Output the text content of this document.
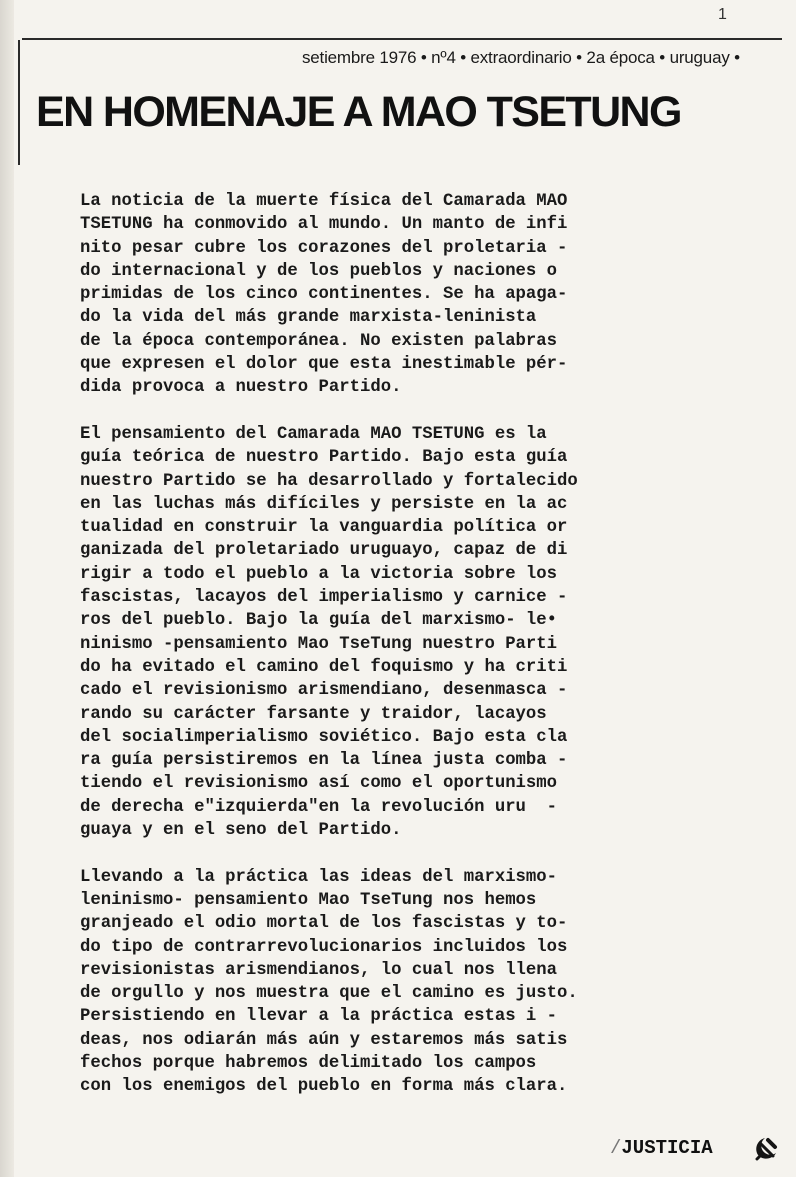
1
setiembre 1976 • nº4 • extraordinario • 2a época • uruguay •
EN HOMENAJE A MAO TSETUNG

La noticia de la muerte física del Camarada MAO
TSETUNG ha conmovido al mundo. Un manto de infi
nito pesar cubre los corazones del proletaria -
do internacional y de los pueblos y naciones o
primidas de los cinco continentes. Se ha apaga-
do la vida del más grande marxista-leninista
de la época contemporánea. No existen palabras
que expresen el dolor que esta inestimable pér-
dida provoca a nuestro Partido.

El pensamiento del Camarada MAO TSETUNG es la
guía teórica de nuestro Partido. Bajo esta guía
nuestro Partido se ha desarrollado y fortalecido
en las luchas más difíciles y persiste en la ac
tualidad en construir la vanguardia política or
ganizada del proletariado uruguayo, capaz de di
rigir a todo el pueblo a la victoria sobre los
fascistas, lacayos del imperialismo y carnice -
ros del pueblo. Bajo la guía del marxismo- le•
ninismo -pensamiento Mao TseTung nuestro Parti
do ha evitado el camino del foquismo y ha criti
cado el revisionismo arismendiano, desenmasca -
rando su carácter farsante y traidor, lacayos
del socialimperialismo soviético. Bajo esta cla
ra guía persistiremos en la línea justa comba -
tiendo el revisionismo así como el oportunismo
de derecha e"izquierda"en la revolución uru  -
guaya y en el seno del Partido.

Llevando a la práctica las ideas del marxismo-
leninismo- pensamiento Mao TseTung nos hemos
granjeado el odio mortal de los fascistas y to-
do tipo de contrarrevolucionarios incluidos los
revisionistas arismendianos, lo cual nos llena
de orgullo y nos muestra que el camino es justo.
Persistiendo en llevar a la práctica estas i -
deas, nos odiarán más aún y estaremos más satis
fechos porque habremos delimitado los campos
con los enemigos del pueblo en forma más clara.

/JUSTICIA
